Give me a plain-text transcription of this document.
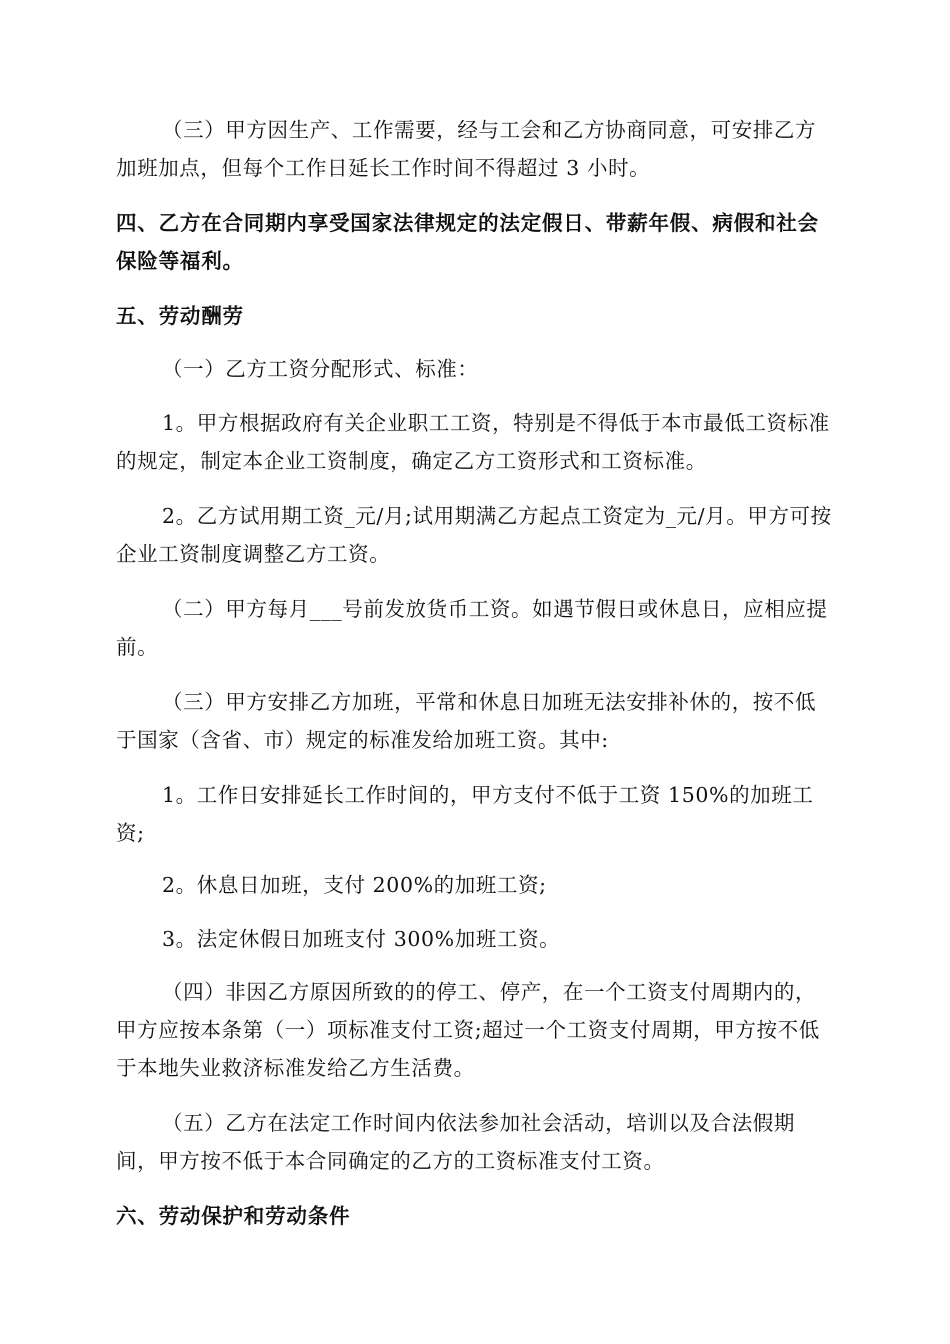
（三）甲方因生产、工作需要，经与工会和乙方协商同意，可安排乙方加班加点，但每个工作日延长工作时间不得超过 3 小时。

四、乙方在合同期内享受国家法律规定的法定假日、带薪年假、病假和社会保险等福利。

五、劳动酬劳

（一）乙方工资分配形式、标准：

1。甲方根据政府有关企业职工工资，特别是不得低于本市最低工资标准的规定，制定本企业工资制度，确定乙方工资形式和工资标准。

2。乙方试用期工资_元/月;试用期满乙方起点工资定为_元/月。甲方可按企业工资制度调整乙方工资。

（二）甲方每月___号前发放货币工资。如遇节假日或休息日，应相应提前。

（三）甲方安排乙方加班，平常和休息日加班无法安排补休的，按不低于国家（含省、市）规定的标准发给加班工资。其中:

1。工作日安排延长工作时间的，甲方支付不低于工资 150%的加班工资;

2。休息日加班，支付 200%的加班工资;

3。法定休假日加班支付 300%加班工资。

（四）非因乙方原因所致的的停工、停产，在一个工资支付周期内的，甲方应按本条第（一）项标准支付工资;超过一个工资支付周期，甲方按不低于本地失业救济标准发给乙方生活费。

（五）乙方在法定工作时间内依法参加社会活动，培训以及合法假期间，甲方按不低于本合同确定的乙方的工资标准支付工资。

六、劳动保护和劳动条件
